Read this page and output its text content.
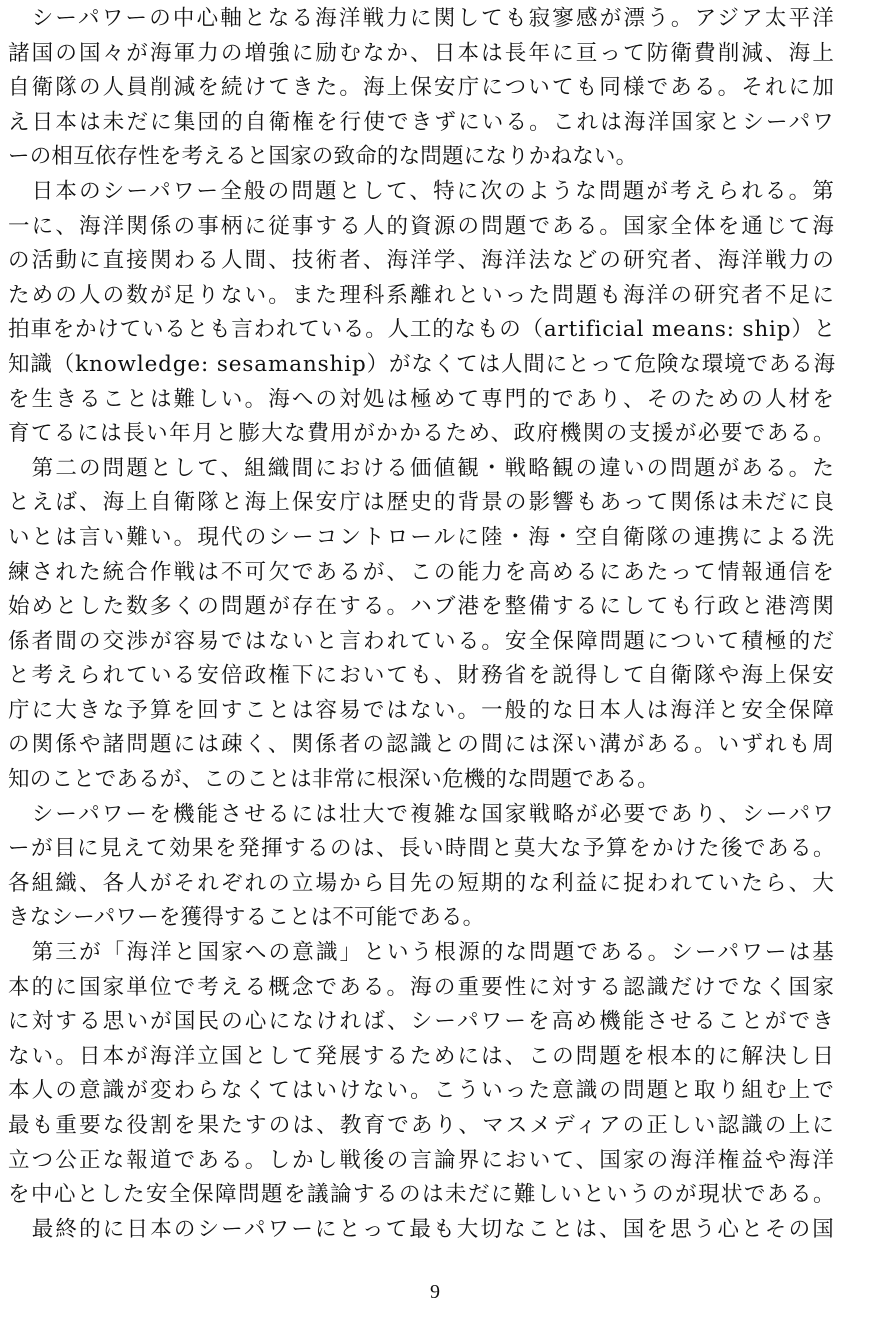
　シーパワーの中心軸となる海洋戦力に関しても寂寥感が漂う。アジア太平洋
諸国の国々が海軍力の増強に励むなか、日本は長年に亘って防衛費削減、海上
自衛隊の人員削減を続けてきた。海上保安庁についても同様である。それに加
え日本は未だに集団的自衛権を行使できずにいる。これは海洋国家とシーパワ
ーの相互依存性を考えると国家の致命的な問題になりかねない。
　日本のシーパワー全般の問題として、特に次のような問題が考えられる。第
一に、海洋関係の事柄に従事する人的資源の問題である。国家全体を通じて海
の活動に直接関わる人間、技術者、海洋学、海洋法などの研究者、海洋戦力の
ための人の数が足りない。また理科系離れといった問題も海洋の研究者不足に
拍車をかけているとも言われている。人工的なもの（artificial means: ship）と
知識（knowledge: sesamanship）がなくては人間にとって危険な環境である海
を生きることは難しい。海への対処は極めて専門的であり、そのための人材を
育てるには長い年月と膨大な費用がかかるため、政府機関の支援が必要である。
　第二の問題として、組織間における価値観・戦略観の違いの問題がある。た
とえば、海上自衛隊と海上保安庁は歴史的背景の影響もあって関係は未だに良
いとは言い難い。現代のシーコントロールに陸・海・空自衛隊の連携による洗
練された統合作戦は不可欠であるが、この能力を高めるにあたって情報通信を
始めとした数多くの問題が存在する。ハブ港を整備するにしても行政と港湾関
係者間の交渉が容易ではないと言われている。安全保障問題について積極的だ
と考えられている安倍政権下においても、財務省を説得して自衛隊や海上保安
庁に大きな予算を回すことは容易ではない。一般的な日本人は海洋と安全保障
の関係や諸問題には疎く、関係者の認識との間には深い溝がある。いずれも周
知のことであるが、このことは非常に根深い危機的な問題である。
　シーパワーを機能させるには壮大で複雑な国家戦略が必要であり、シーパワ
ーが目に見えて効果を発揮するのは、長い時間と莫大な予算をかけた後である。
各組織、各人がそれぞれの立場から目先の短期的な利益に捉われていたら、大
きなシーパワーを獲得することは不可能である。
　第三が「海洋と国家への意識」という根源的な問題である。シーパワーは基
本的に国家単位で考える概念である。海の重要性に対する認識だけでなく国家
に対する思いが国民の心になければ、シーパワーを高め機能させることができ
ない。日本が海洋立国として発展するためには、この問題を根本的に解決し日
本人の意識が変わらなくてはいけない。こういった意識の問題と取り組む上で
最も重要な役割を果たすのは、教育であり、マスメディアの正しい認識の上に
立つ公正な報道である。しかし戦後の言論界において、国家の海洋権益や海洋
を中心とした安全保障問題を議論するのは未だに難しいというのが現状である。
　最終的に日本のシーパワーにとって最も大切なことは、国を思う心とその国
9
